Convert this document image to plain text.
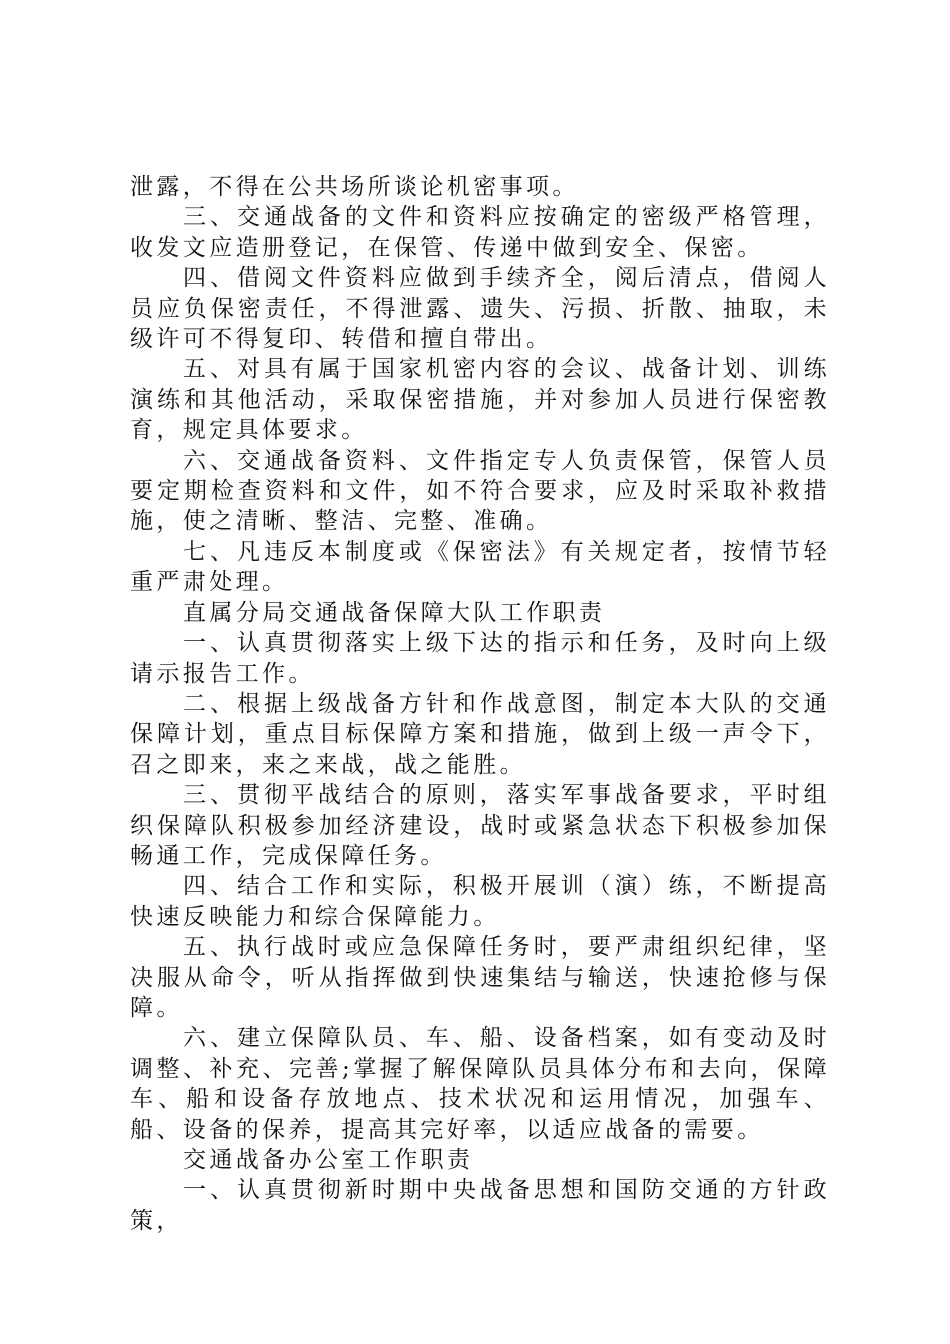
泄露，不得在公共场所谈论机密事项。

三、交通战备的文件和资料应按确定的密级严格管理，收发文应造册登记，在保管、传递中做到安全、保密。

四、借阅文件资料应做到手续齐全，阅后清点，借阅人员应负保密责任，不得泄露、遗失、污损、折散、抽取，未级许可不得复印、转借和擅自带出。

五、对具有属于国家机密内容的会议、战备计划、训练演练和其他活动，采取保密措施，并对参加人员进行保密教育，规定具体要求。

六、交通战备资料、文件指定专人负责保管，保管人员要定期检查资料和文件，如不符合要求，应及时采取补救措施，使之清晰、整洁、完整、准确。

七、凡违反本制度或《保密法》有关规定者，按情节轻重严肃处理。

直属分局交通战备保障大队工作职责

一、认真贯彻落实上级下达的指示和任务，及时向上级请示报告工作。

二、根据上级战备方针和作战意图，制定本大队的交通保障计划，重点目标保障方案和措施，做到上级一声令下，召之即来，来之来战，战之能胜。

三、贯彻平战结合的原则，落实军事战备要求，平时组织保障队积极参加经济建设，战时或紧急状态下积极参加保畅通工作，完成保障任务。

四、结合工作和实际，积极开展训（演）练，不断提高快速反映能力和综合保障能力。

五、执行战时或应急保障任务时，要严肃组织纪律，坚决服从命令，听从指挥做到快速集结与输送，快速抢修与保障。

六、建立保障队员、车、船、设备档案，如有变动及时调整、补充、完善;掌握了解保障队员具体分布和去向，保障车、船和设备存放地点、技术状况和运用情况，加强车、船、设备的保养，提高其完好率，以适应战备的需要。

交通战备办公室工作职责

一、认真贯彻新时期中央战备思想和国防交通的方针政策，
